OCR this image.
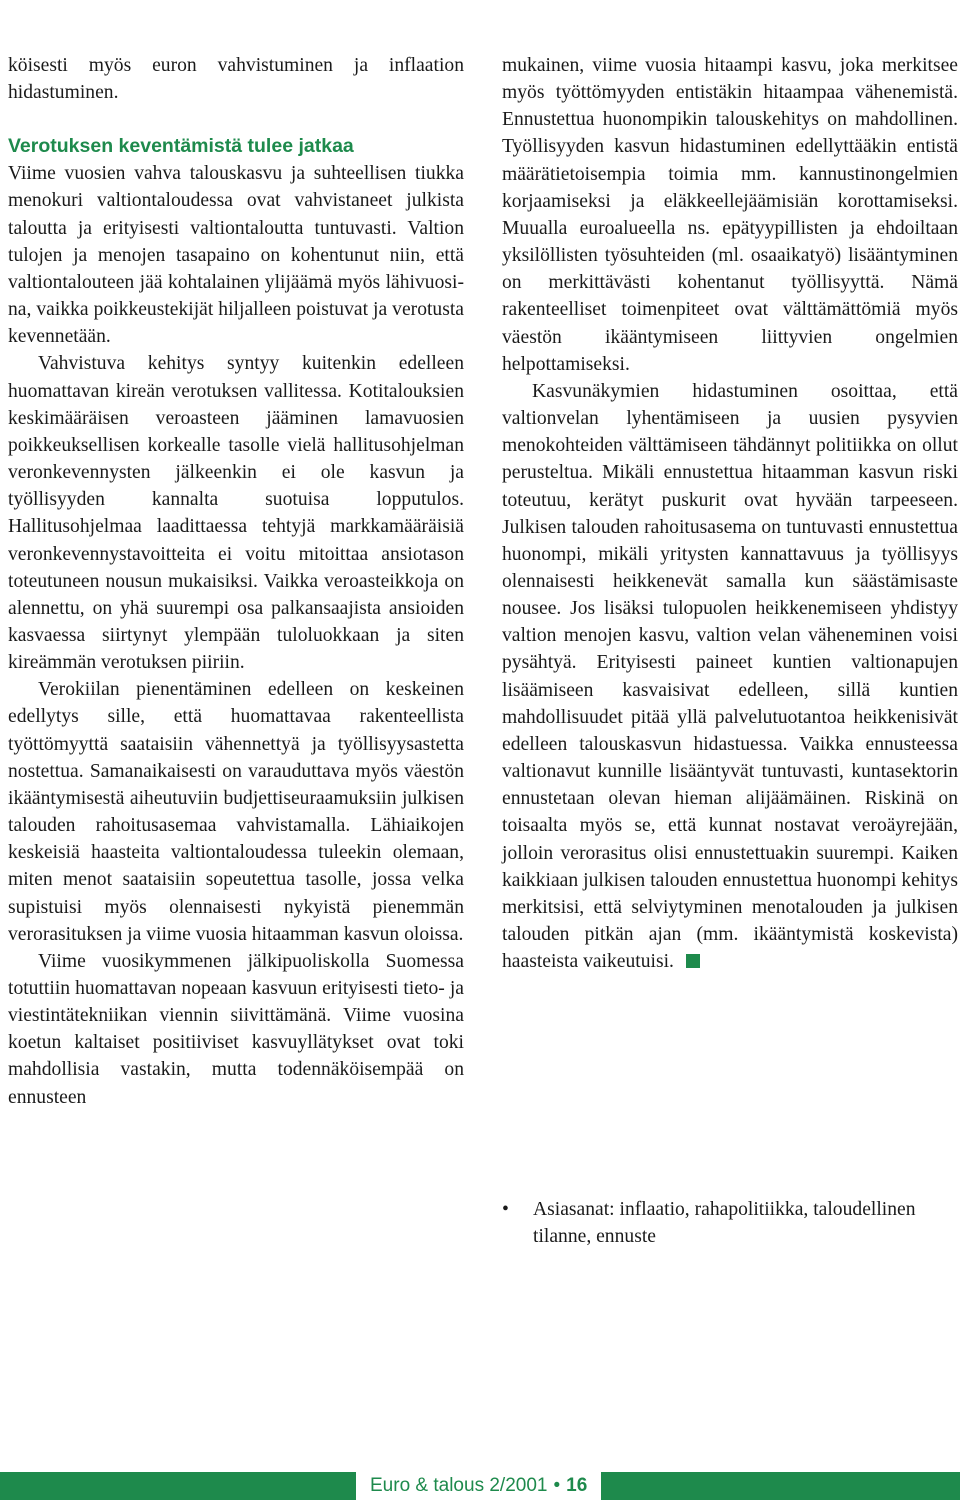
köisesti myös euron vahvistuminen ja inflaation hidastuminen.

Verotuksen keventämistä tulee jatkaa

Viime vuosien vahva talouskasvu ja suhteellisen tiukka menokuri valtiontaloudessa ovat vahvistaneet julkista taloutta ja erityisesti valtiontaloutta tuntuvasti. Valtion tulojen ja menojen tasapaino on kohentunut niin, että valtiontalouteen jää kohtalainen ylijäämä myös lähivuosina, vaikka poikkeustekijät hiljalleen poistuvat ja verotusta kevennetään.

Vahvistuva kehitys syntyy kuitenkin edelleen huomattavan kireän verotuksen vallitessa. Kotitalouksien keskimääräisen veroasteen jääminen lamavuosien poikkeuksellisen korkealle tasolle vielä hallitusohjelman veronkevennysten jälkeenkin ei ole kasvun ja työllisyyden kannalta suotuisa lopputulos. Hallitusohjelmaa laadittaessa tehtyjä markkamääräisiä veronkevennystavoitteita ei voitu mitoittaa ansiotason toteutuneen nousun mukaisiksi. Vaikka veroasteikkoja on alennettu, on yhä suurempi osa palkansaajista ansioiden kasvaessa siirtynyt ylempään tuloluokkaan ja siten kireämmän verotuksen piiriin.

Verokiilan pienentäminen edelleen on keskeinen edellytys sille, että huomattavaa rakenteellista työttömyyttä saataisiin vähennettyä ja työllisyysastetta nostettua. Samanaikaisesti on varauduttava myös väestön ikääntymisestä aiheutuviin budjettiseuraamuksiin julkisen talouden rahoitusasemaa vahvistamalla. Lähiaikojen keskeisiä haasteita valtiontaloudessa tuleekin olemaan, miten menot saataisiin sopeutettua tasolle, jossa velka supistuisi myös olennaisesti nykyistä pienemmän verorasituksen ja viime vuosia hitaamman kasvun oloissa.

Viime vuosikymmenen jälkipuoliskolla Suomessa totuttiin huomattavan nopeaan kasvuun erityisesti tieto- ja viestintätekniikan viennin siivittämänä. Viime vuosina koetun kaltaiset positiiviset kasvuyllätykset ovat toki mahdollisia vastakin, mutta todennäköisempää on ennusteen

mukainen, viime vuosia hitaampi kasvu, joka merkitsee myös työttömyyden entistäkin hitaampaa vähenemistä. Ennustettua huonompikin talouskehitys on mahdollinen. Työllisyyden kasvun hidastuminen edellyttääkin entistä määrätietoisempia toimia mm. kannustinongelmien korjaamiseksi ja eläkkeellejäämisiän korottamiseksi. Muualla euroalueella ns. epätyypillisten ja ehdoiltaan yksilöllisten työsuhteiden (ml. osaaikatyö) lisääntyminen on merkittävästi kohentanut työllisyyttä. Nämä rakenteelliset toimenpiteet ovat välttämättömiä myös väestön ikääntymiseen liittyvien ongelmien helpottamiseksi.

Kasvunäkymien hidastuminen osoittaa, että valtionvelan lyhentämiseen ja uusien pysyvien menokohteiden välttämiseen tähdännyt politiikka on ollut perusteltua. Mikäli ennustettua hitaamman kasvun riski toteutuu, kerätyt puskurit ovat hyvään tarpeeseen. Julkisen talouden rahoitusasema on tuntuvasti ennustettua huonompi, mikäli yritysten kannattavuus ja työllisyys olennaisesti heikkenevät samalla kun säästämisaste nousee. Jos lisäksi tulopuolen heikkenemiseen yhdistyy valtion menojen kasvu, valtion velan väheneminen voisi pysähtyä. Erityisesti paineet kuntien valtionapujen lisäämiseen kasvaisivat edelleen, sillä kuntien mahdollisuudet pitää yllä palvelutuotantoa heikkenisivät edelleen talouskasvun hidastuessa. Vaikka ennusteessa valtionavut kunnille lisääntyvät tuntuvasti, kuntasektorin ennustetaan olevan hieman alijäämäinen. Riskinä on toisaalta myös se, että kunnat nostavat veroäyrejään, jolloin verorasitus olisi ennustettuakin suurempi. Kaiken kaikkiaan julkisen talouden ennustettua huonompi kehitys merkitsisi, että selviytyminen menotalouden ja julkisen talouden pitkän ajan (mm. ikääntymistä koskevista) haasteista vaikeutuisi.

• Asiasanat: inflaatio, rahapolitiikka, taloudellinen tilanne, ennuste
Euro & talous 2/2001 • 16
